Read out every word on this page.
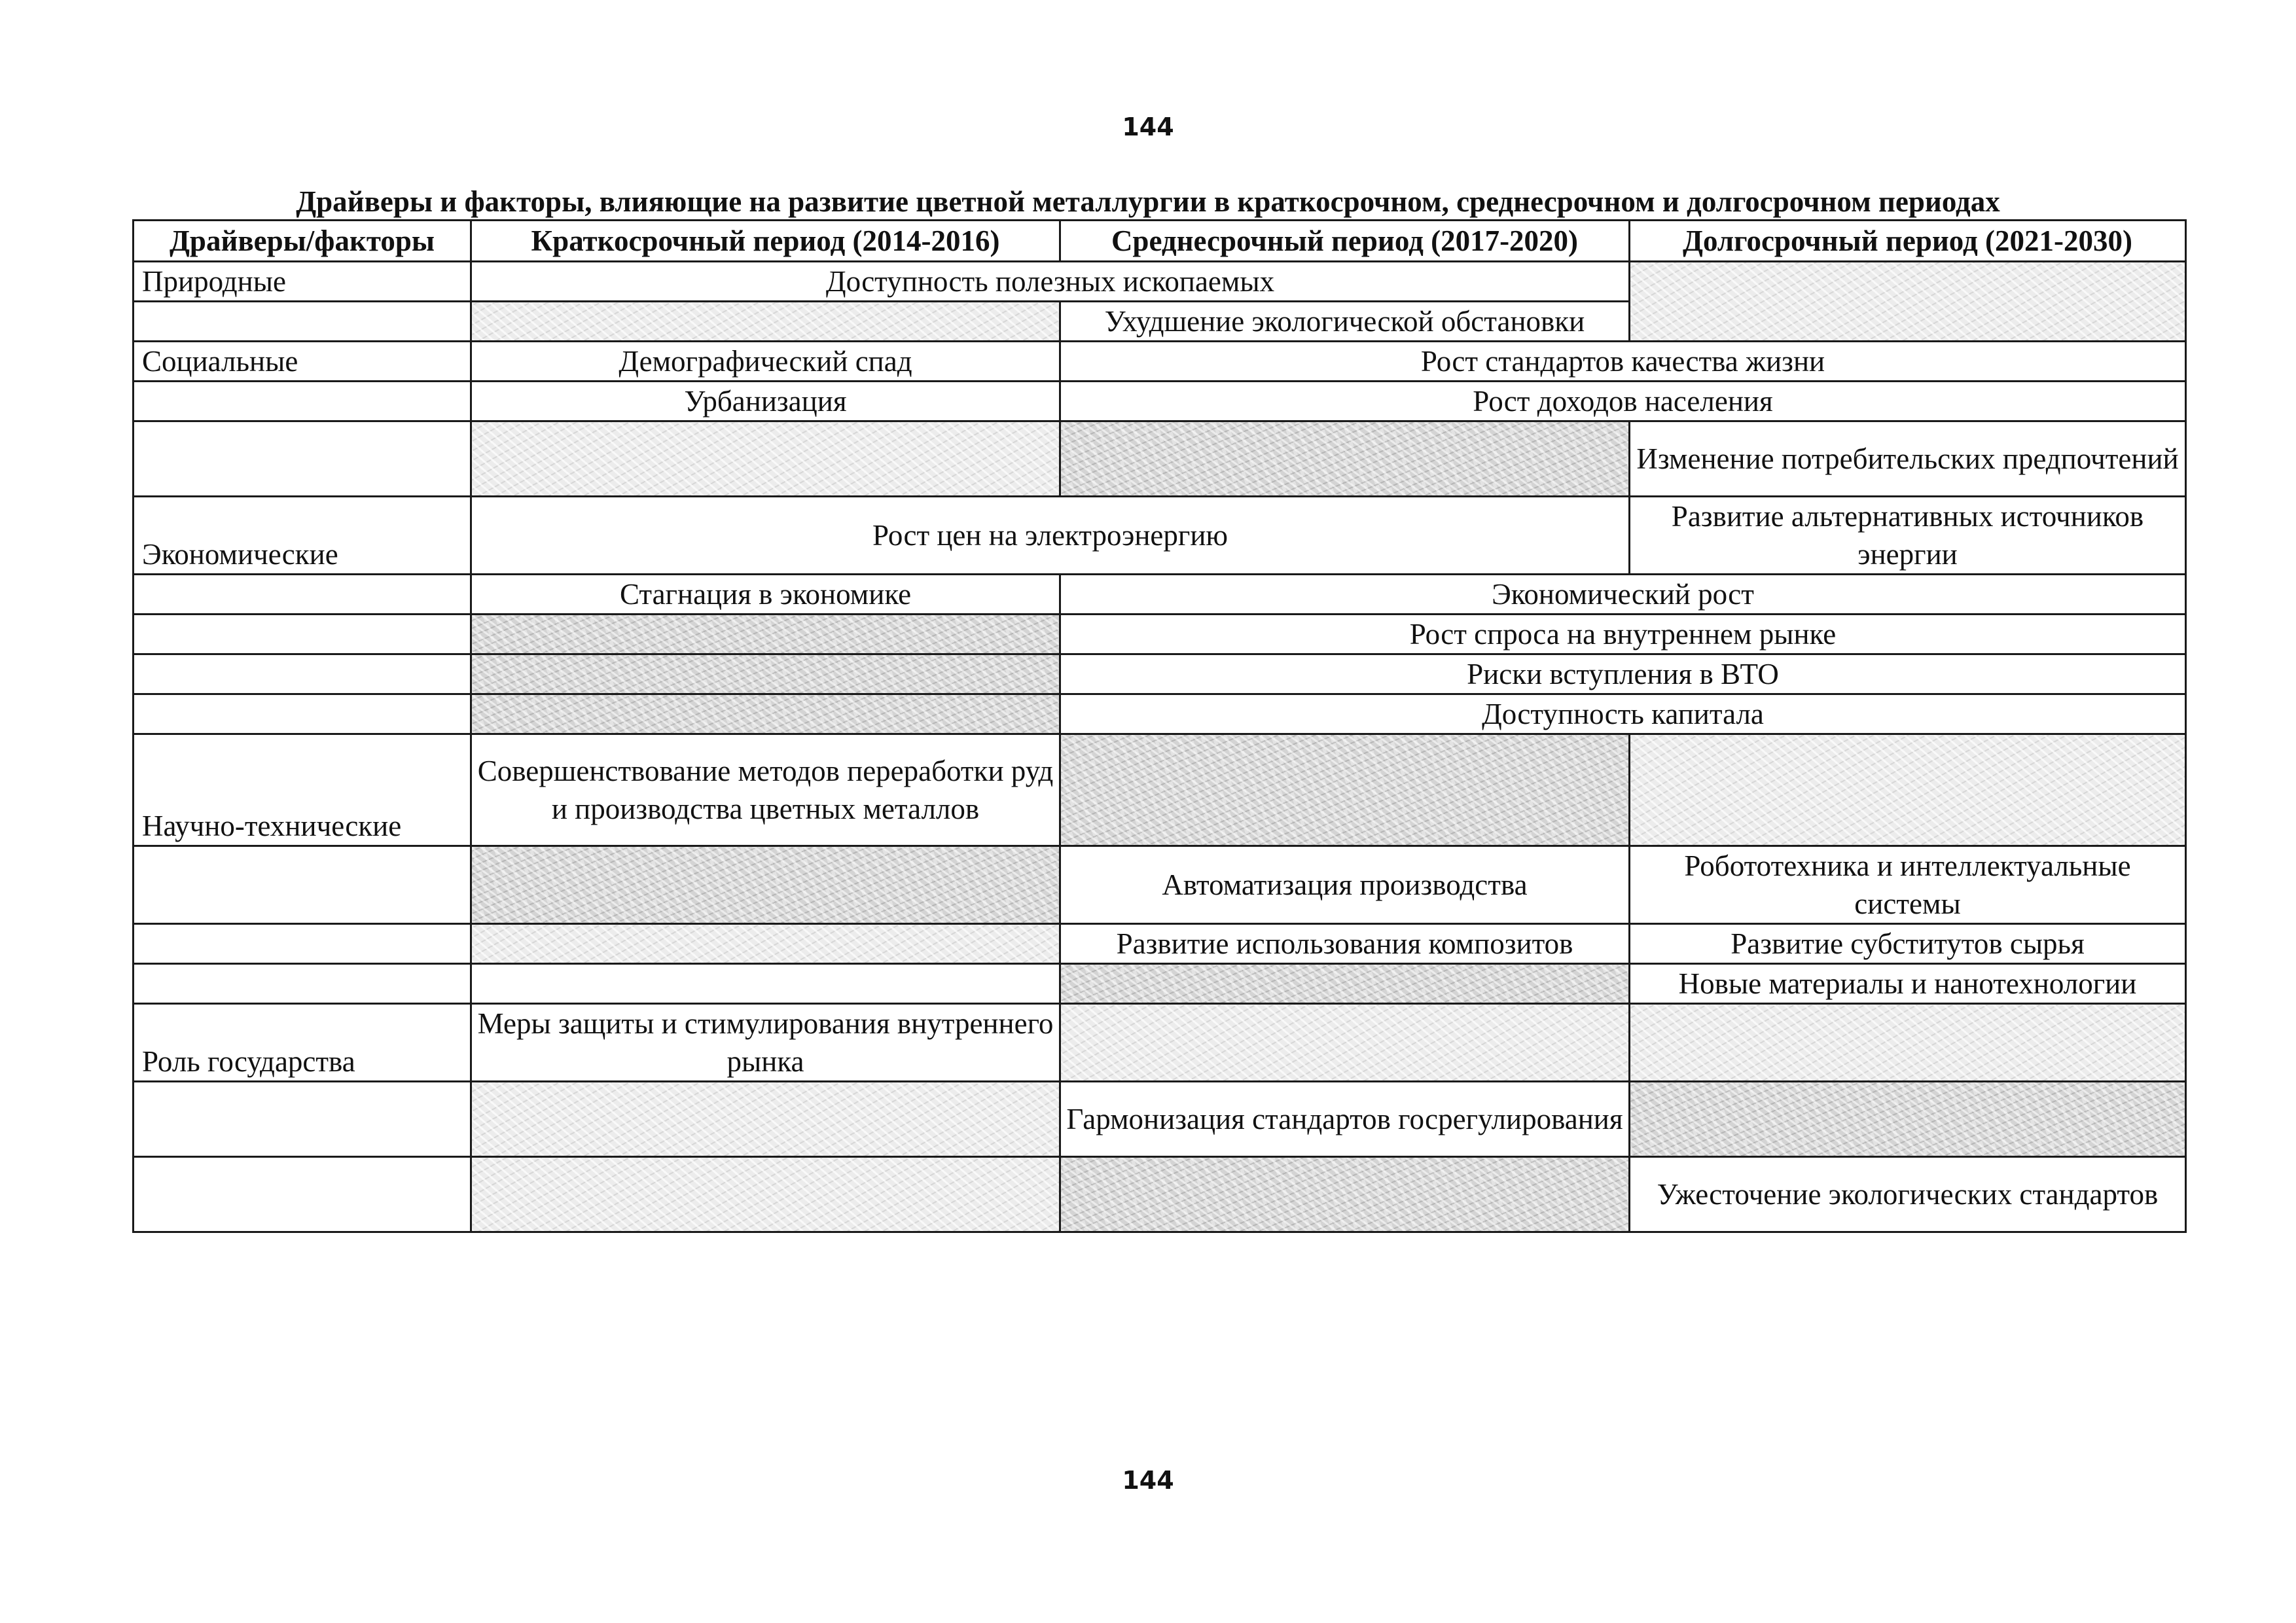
144
Драйверы и факторы, влияющие на развитие цветной металлургии в краткосрочном, среднесрочном и долгосрочном периодах
Драйверы/факторы	Краткосрочный период (2014-2016)	Среднесрочный период (2017-2020)	Долгосрочный период (2021-2030)
Природные	Доступность полезных ископаемых		
		Ухудшение экологической обстановки	
Социальные	Демографический спад	Рост стандартов качества жизни	
	Урбанизация	Рост доходов населения	
			Изменение потребительских предпочтений
Экономические	Рост цен на электроэнергию		Развитие альтернативных источников энергии
	Стагнация в экономике	Экономический рост	
		Рост спроса на внутреннем рынке	
		Риски вступления в ВТО	
		Доступность капитала	
Научно-технические	Совершенствование методов переработки руд и производства цветных металлов		
		Автоматизация производства	Робототехника и интеллектуальные системы
		Развитие использования композитов	Развитие субститутов сырья
			Новые материалы и нанотехнологии
Роль государства	Меры защиты и стимулирования внутреннего рынка		
		Гармонизация стандартов госрегулирования	
			Ужесточение экологических стандартов
144
